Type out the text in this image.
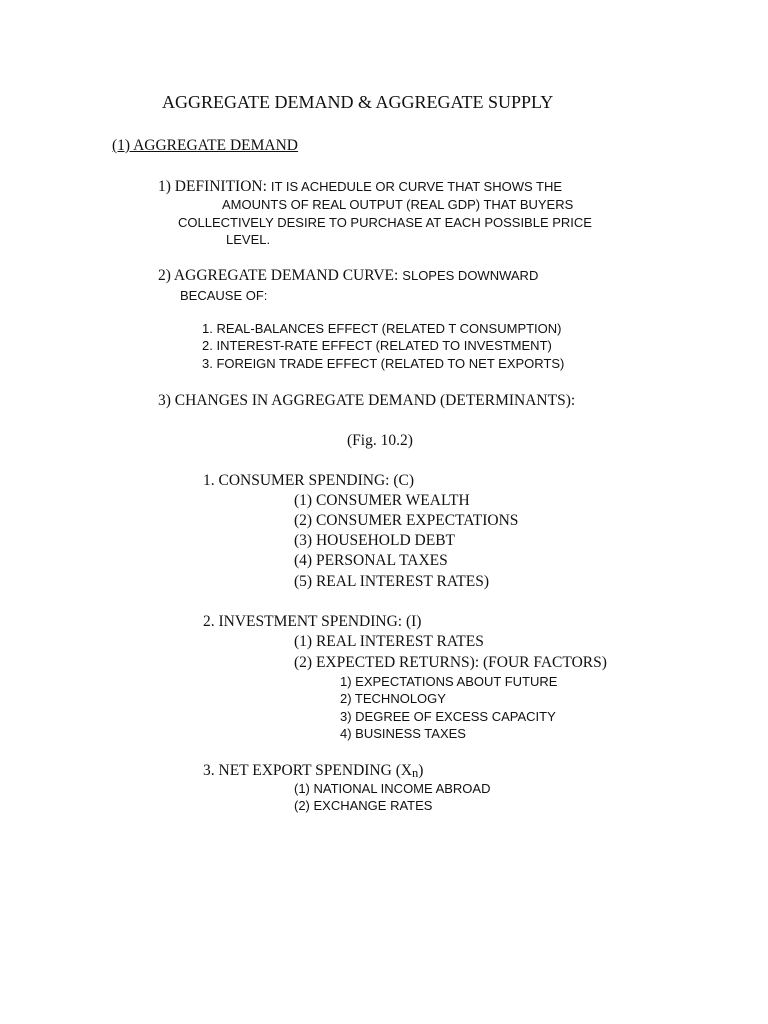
AGGREGATE DEMAND & AGGREGATE SUPPLY
(1) AGGREGATE DEMAND
1) DEFINITION: IT IS ACHEDULE OR CURVE THAT SHOWS THE
AMOUNTS OF REAL OUTPUT (REAL GDP) THAT BUYERS
COLLECTIVELY DESIRE TO PURCHASE AT EACH POSSIBLE PRICE
LEVEL.
2) AGGREGATE DEMAND CURVE: SLOPES DOWNWARD
BECAUSE OF:
1. REAL-BALANCES EFFECT (RELATED T CONSUMPTION)
2. INTEREST-RATE EFFECT (RELATED TO INVESTMENT)
3. FOREIGN TRADE EFFECT (RELATED TO NET EXPORTS)
3) CHANGES IN AGGREGATE DEMAND (DETERMINANTS):
(Fig. 10.2)
1. CONSUMER SPENDING: (C)
(1) CONSUMER WEALTH
(2) CONSUMER EXPECTATIONS
(3) HOUSEHOLD DEBT
(4) PERSONAL TAXES
(5) REAL INTEREST RATES)
2. INVESTMENT SPENDING: (I)
(1) REAL INTEREST RATES
(2) EXPECTED RETURNS): (FOUR FACTORS)
1) EXPECTATIONS ABOUT FUTURE
2) TECHNOLOGY
3) DEGREE OF EXCESS CAPACITY
4) BUSINESS TAXES
3. NET EXPORT SPENDING (Xn)
(1) NATIONAL INCOME ABROAD
(2) EXCHANGE RATES
